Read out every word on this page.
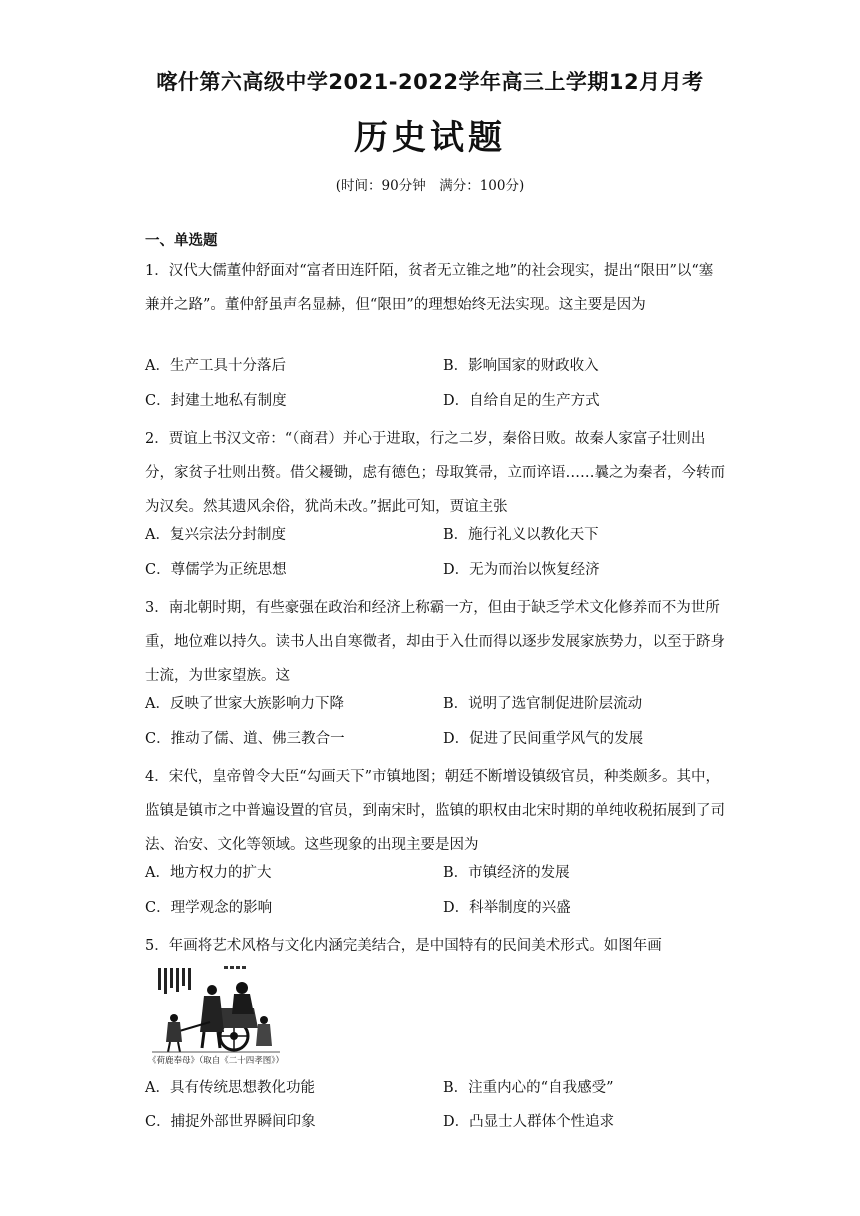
喀什第六高级中学2021-2022学年高三上学期12月月考
历史试题
(时间：90分钟　满分：100分)
一、单选题
1．汉代大儒董仲舒面对“富者田连阡陌，贫者无立锥之地”的社会现实，提出“限田”以“塞兼并之路”。董仲舒虽声名显赫，但“限田”的理想始终无法实现。这主要是因为
A．生产工具十分落后	B．影响国家的财政收入
C．封建土地私有制度	D．自给自足的生产方式
2．贾谊上书汉文帝：“（商君）并心于进取，行之二岁，秦俗日败。故秦人家富子壮则出分，家贫子壮则出赘。借父耰锄，虑有德色；母取箕帚，立而谇语……曩之为秦者，今转而为汉矣。然其遗风余俗，犹尚未改。”据此可知，贾谊主张
A．复兴宗法分封制度	B．施行礼义以教化天下
C．尊儒学为正统思想	D．无为而治以恢复经济
3．南北朝时期，有些豪强在政治和经济上称霸一方，但由于缺乏学术文化修养而不为世所重，地位难以持久。读书人出自寒微者，却由于入仕而得以逐步发展家族势力，以至于跻身士流，为世家望族。这
A．反映了世家大族影响力下降	B．说明了选官制促进阶层流动
C．推动了儒、道、佛三教合一	D．促进了民间重学风气的发展
4．宋代，皇帝曾令大臣“勾画天下”市镇地图；朝廷不断增设镇级官员，种类颇多。其中，监镇是镇市之中普遍设置的官员，到南宋时，监镇的职权由北宋时期的单纯收税拓展到了司法、治安、文化等领域。这些现象的出现主要是因为
A．地方权力的扩大	B．市镇经济的发展
C．理学观念的影响	D．科举制度的兴盛
5．年画将艺术风格与文化内涵完美结合，是中国特有的民间美术形式。如图年画
《荷鹿奉母》（取自《二十四孝图》）
A．具有传统思想教化功能	B．注重内心的“自我感受”
C．捕捉外部世界瞬间印象	D．凸显士人群体个性追求
